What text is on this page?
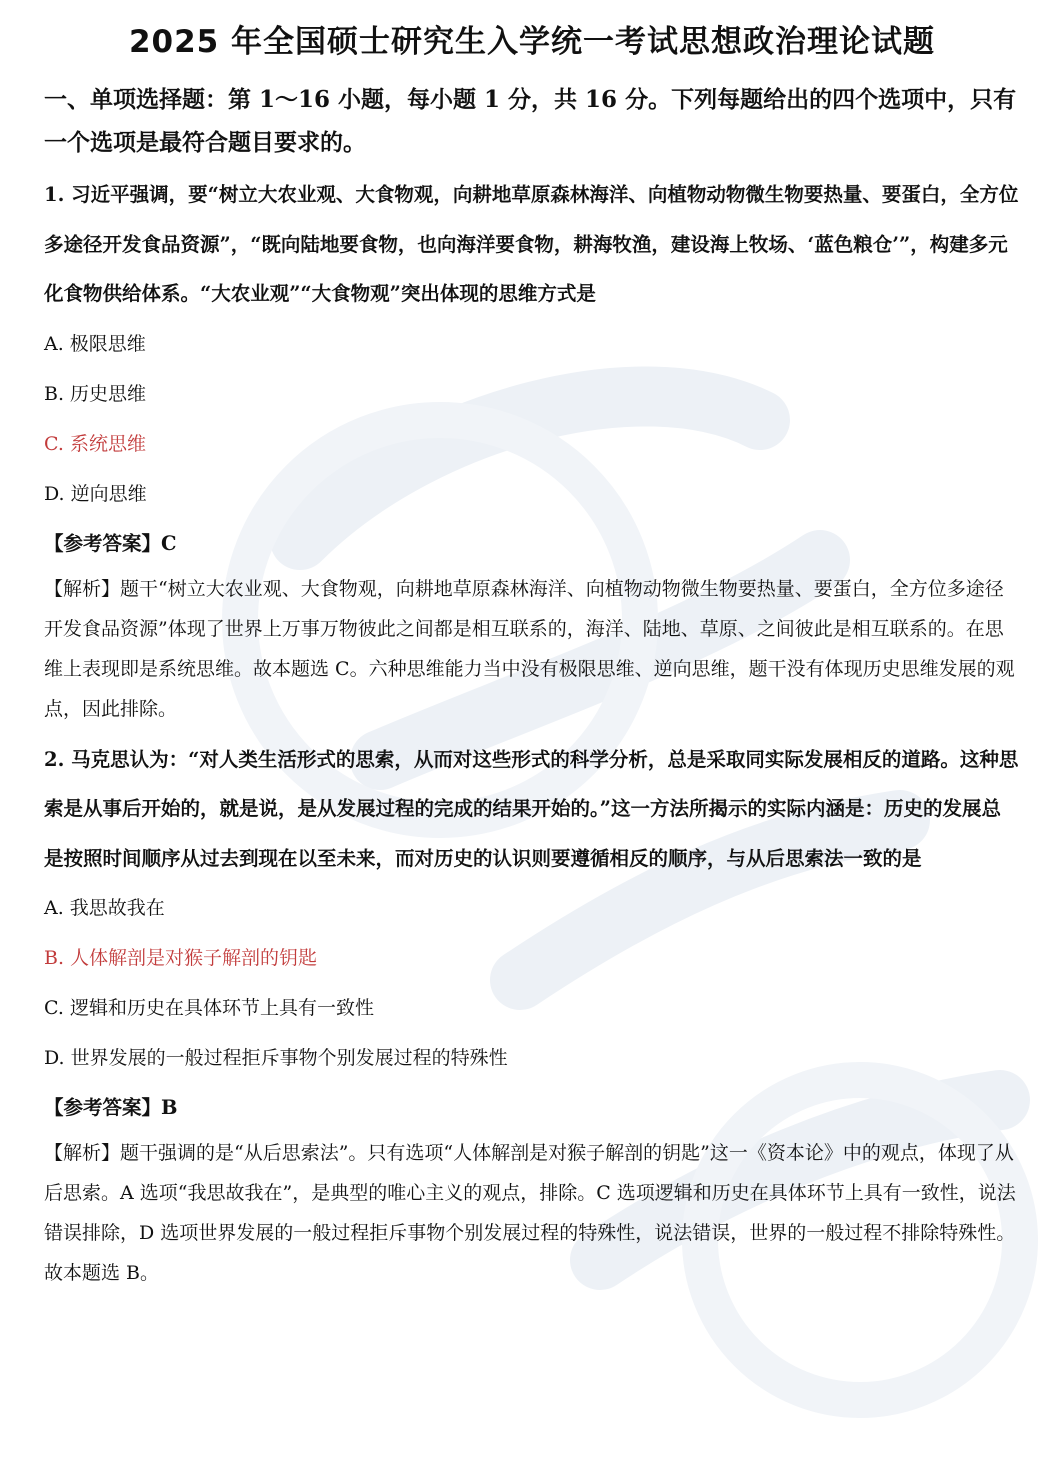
2025 年全国硕士研究生入学统一考试思想政治理论试题

一、单项选择题：第 1～16 小题，每小题 1 分，共 16 分。下列每题给出的四个选项中，只有一个选项是最符合题目要求的。

1. 习近平强调，要“树立大农业观、大食物观，向耕地草原森林海洋、向植物动物微生物要热量、要蛋白，全方位多途径开发食品资源”，“既向陆地要食物，也向海洋要食物，耕海牧渔，建设海上牧场、‘蓝色粮仓’”，构建多元化食物供给体系。“大农业观”“大食物观”突出体现的思维方式是

A. 极限思维

B. 历史思维

C. 系统思维

D. 逆向思维

【参考答案】C

【解析】题干“树立大农业观、大食物观，向耕地草原森林海洋、向植物动物微生物要热量、要蛋白，全方位多途径开发食品资源”体现了世界上万事万物彼此之间都是相互联系的，海洋、陆地、草原、之间彼此是相互联系的。在思维上表现即是系统思维。故本题选 C。六种思维能力当中没有极限思维、逆向思维，题干没有体现历史思维发展的观点，因此排除。

2. 马克思认为：“对人类生活形式的思索，从而对这些形式的科学分析，总是采取同实际发展相反的道路。这种思索是从事后开始的，就是说，是从发展过程的完成的结果开始的。”这一方法所揭示的实际内涵是：历史的发展总是按照时间顺序从过去到现在以至未来，而对历史的认识则要遵循相反的顺序，与从后思索法一致的是

A. 我思故我在

B. 人体解剖是对猴子解剖的钥匙

C. 逻辑和历史在具体环节上具有一致性

D. 世界发展的一般过程拒斥事物个别发展过程的特殊性

【参考答案】B

【解析】题干强调的是“从后思索法”。只有选项“人体解剖是对猴子解剖的钥匙”这一《资本论》中的观点，体现了从后思索。A 选项“我思故我在”，是典型的唯心主义的观点，排除。C 选项逻辑和历史在具体环节上具有一致性，说法错误排除，D 选项世界发展的一般过程拒斥事物个别发展过程的特殊性，说法错误，世界的一般过程不排除特殊性。故本题选 B。
